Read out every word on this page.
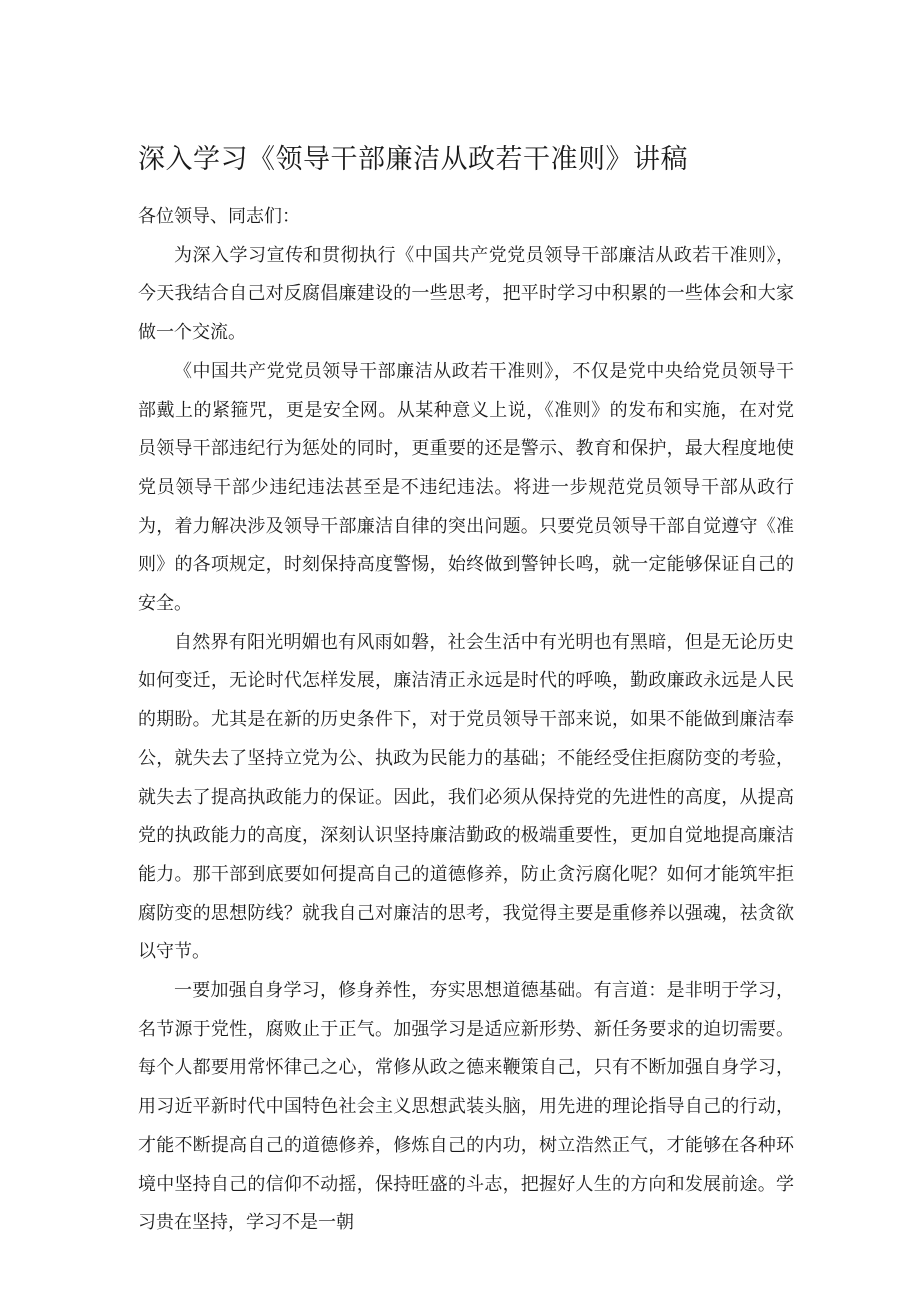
深入学习《领导干部廉洁从政若干准则》讲稿

各位领导、同志们：

为深入学习宣传和贯彻执行《中国共产党党员领导干部廉洁从政若干准则》，今天我结合自己对反腐倡廉建设的一些思考，把平时学习中积累的一些体会和大家做一个交流。

《中国共产党党员领导干部廉洁从政若干准则》，不仅是党中央给党员领导干部戴上的紧箍咒，更是安全网。从某种意义上说，《准则》的发布和实施，在对党员领导干部违纪行为惩处的同时，更重要的还是警示、教育和保护，最大程度地使党员领导干部少违纪违法甚至是不违纪违法。将进一步规范党员领导干部从政行为，着力解决涉及领导干部廉洁自律的突出问题。只要党员领导干部自觉遵守《准则》的各项规定，时刻保持高度警惕，始终做到警钟长鸣，就一定能够保证自己的安全。

自然界有阳光明媚也有风雨如磐，社会生活中有光明也有黑暗，但是无论历史如何变迁，无论时代怎样发展，廉洁清正永远是时代的呼唤，勤政廉政永远是人民的期盼。尤其是在新的历史条件下，对于党员领导干部来说，如果不能做到廉洁奉公，就失去了坚持立党为公、执政为民能力的基础；不能经受住拒腐防变的考验，就失去了提高执政能力的保证。因此，我们必须从保持党的先进性的高度，从提高党的执政能力的高度，深刻认识坚持廉洁勤政的极端重要性，更加自觉地提高廉洁能力。那干部到底要如何提高自己的道德修养，防止贪污腐化呢？如何才能筑牢拒腐防变的思想防线？就我自己对廉洁的思考，我觉得主要是重修养以强魂，祛贪欲以守节。

一要加强自身学习，修身养性，夯实思想道德基础。有言道：是非明于学习，名节源于党性，腐败止于正气。加强学习是适应新形势、新任务要求的迫切需要。每个人都要用常怀律己之心，常修从政之德来鞭策自己，只有不断加强自身学习，用习近平新时代中国特色社会主义思想武装头脑，用先进的理论指导自己的行动，才能不断提高自己的道德修养，修炼自己的内功，树立浩然正气，才能够在各种环境中坚持自己的信仰不动摇，保持旺盛的斗志，把握好人生的方向和发展前途。学习贵在坚持，学习不是一朝
